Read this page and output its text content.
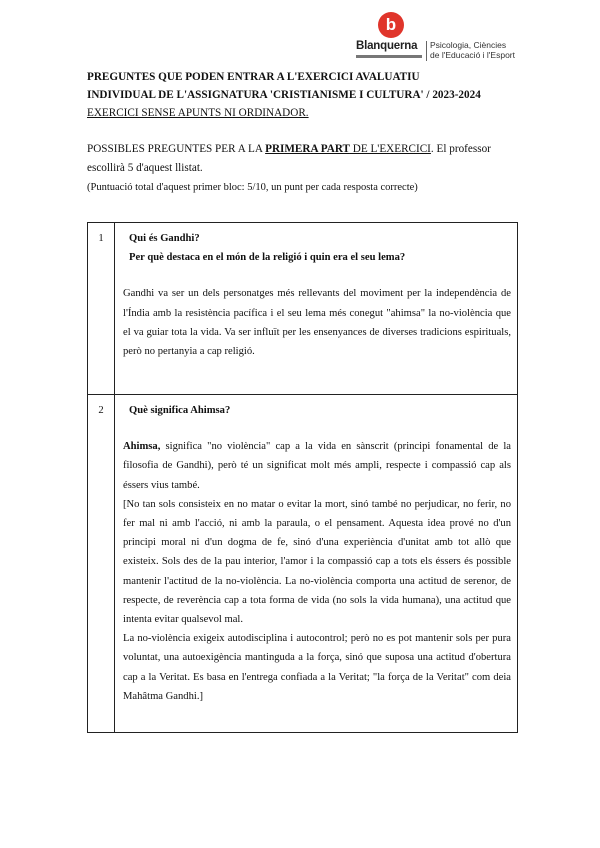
b
Blanquerna Psicologia, Ciències
de l'Educació i l'Esport
PREGUNTES QUE PODEN ENTRAR A L'EXERCICI AVALUATIU
INDIVIDUAL DE L'ASSIGNATURA 'CRISTIANISME I CULTURA' / 2023-2024
EXERCICI SENSE APUNTS NI ORDINADOR.

POSSIBLES PREGUNTES PER A LA PRIMERA PART DE L'EXERCICI. El professor escollirà 5 d'aquest llistat.

(Puntuació total d'aquest primer bloc: 5/10, un punt per cada resposta correcte)

1	Qui és Gandhi?

Per què destaca en el món de la religió i quin era el seu lema?

Gandhi va ser un dels personatges més rellevants del moviment per la independència de l'Índia amb la resistència pacífica i el seu lema més conegut "ahimsa" la no-violència que el va guiar tota la vida. Va ser influït per les ensenyances de diverses tradicions espirituals, però no pertanyia a cap religió.

2	Què significa Ahimsa?

Ahimsa, significa "no violència" cap a la vida en sànscrit (principi fonamental de la filosofia de Gandhi), però té un significat molt més ampli, respecte i compassió cap als éssers vius també.

[No tan sols consisteix en no matar o evitar la mort, sinó també no perjudicar, no ferir, no fer mal ni amb l'acció, ni amb la paraula, o el pensament. Aquesta idea prové no d'un principi moral ni d'un dogma de fe, sinó d'una experiència d'unitat amb tot allò que existeix. Sols des de la pau interior, l'amor i la compassió cap a tots els éssers és possible mantenir l'actitud de la no-violència. La no-violència comporta una actitud de serenor, de respecte, de reverència cap a tota forma de vida (no sols la vida humana), una actitud que intenta evitar qualsevol mal.

La no-violència exigeix autodisciplina i autocontrol; però no es pot mantenir sols per pura voluntat, una autoexigència mantinguda a la força, sinó que suposa una actitud d'obertura cap a la Veritat. Es basa en l'entrega confiada a la Veritat; "la força de la Veritat" com deia Mahâtma Gandhi.]
